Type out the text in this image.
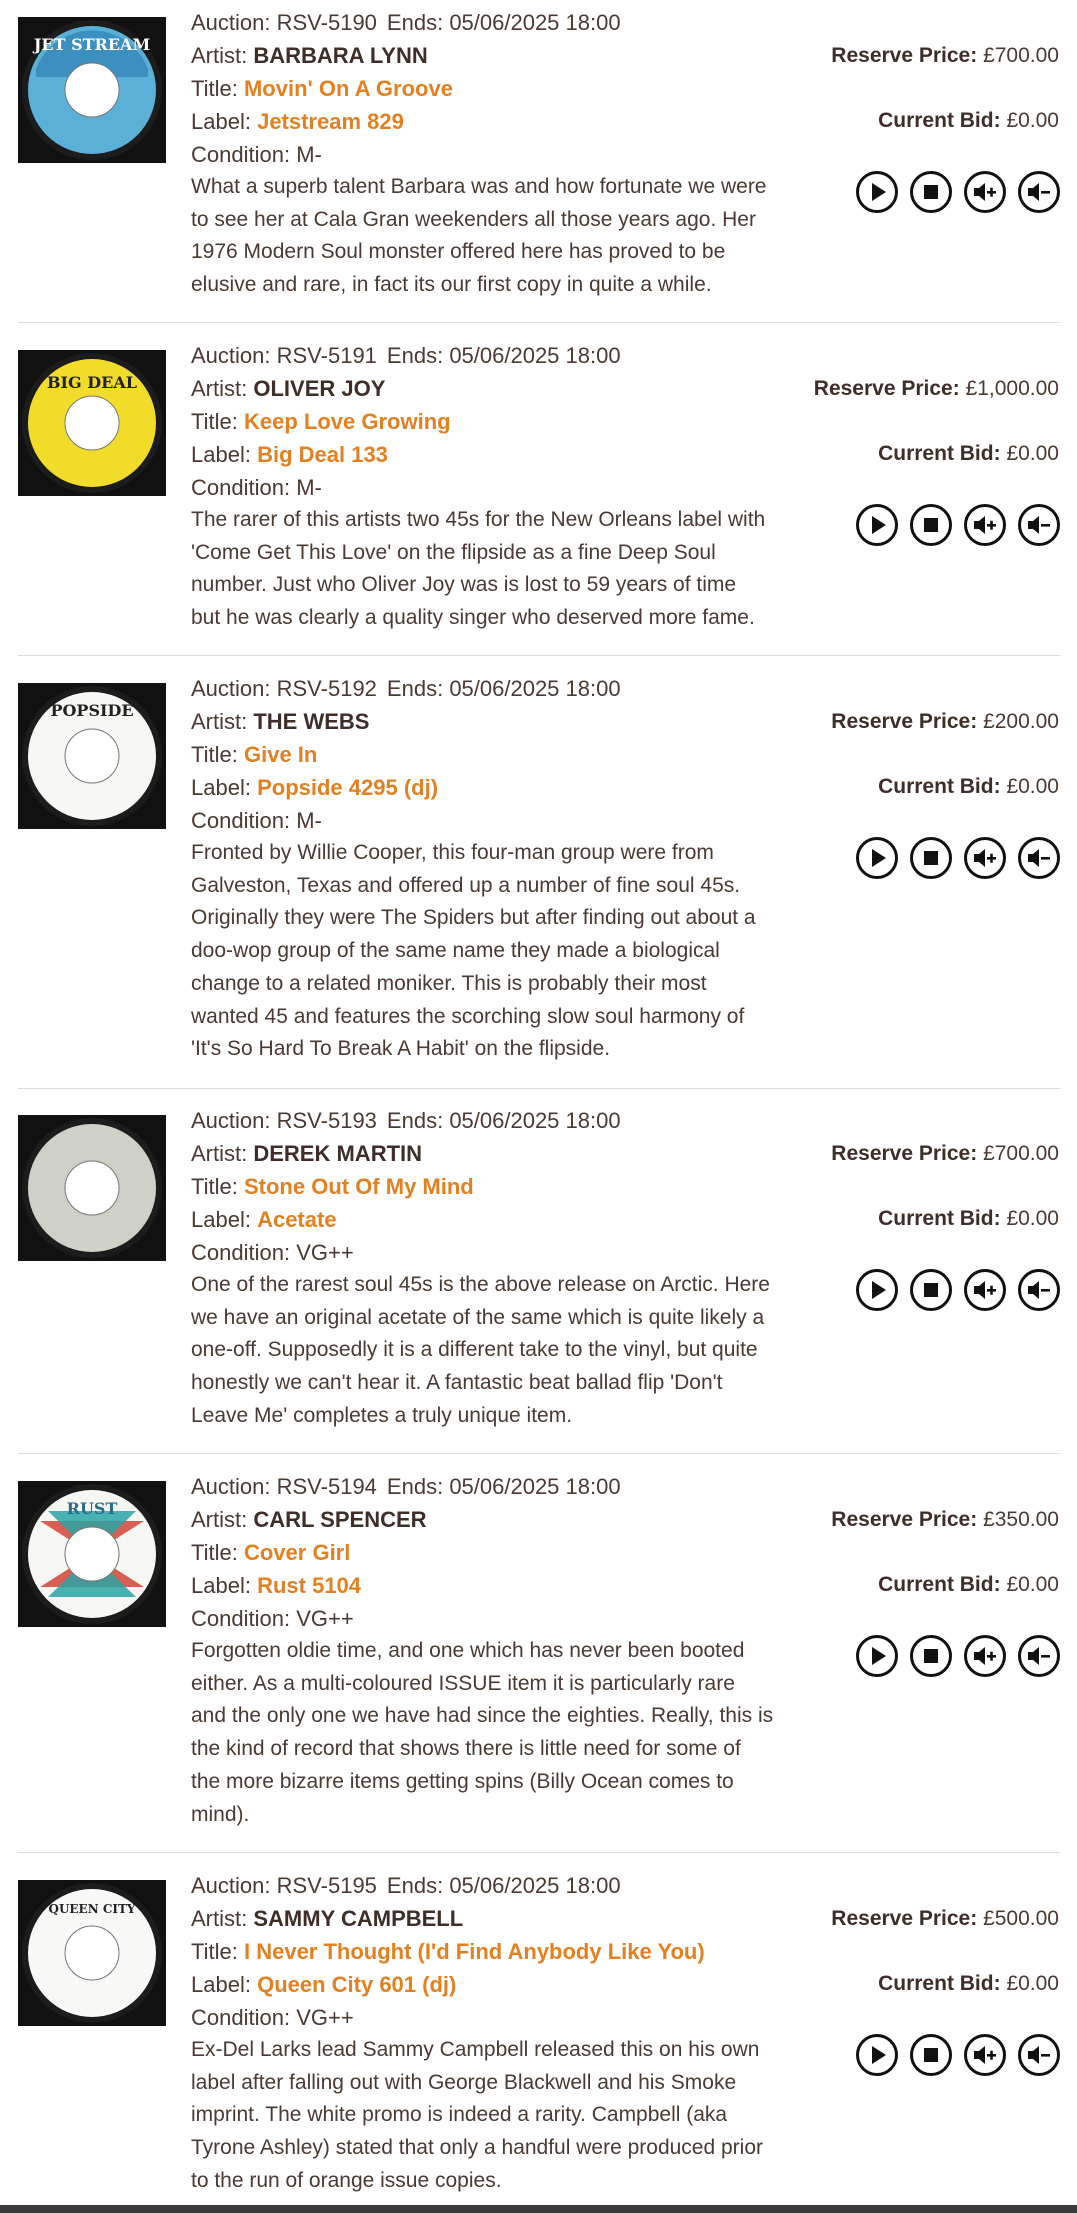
JET STREAM
Auction: RSV-5190 Ends: 05/06/2025 18:00
Artist: BARBARA LYNN
Title: Movin' On A Groove
Label: Jetstream 829
Condition: M-
What a superb talent Barbara was and how fortunate we were
to see her at Cala Gran weekenders all those years ago. Her
1976 Modern Soul monster offered here has proved to be
elusive and rare, in fact its our first copy in quite a while.
Reserve Price: £700.00
Current Bid: £0.00
BIG DEAL
Auction: RSV-5191 Ends: 05/06/2025 18:00
Artist: OLIVER JOY
Title: Keep Love Growing
Label: Big Deal 133
Condition: M-
The rarer of this artists two 45s for the New Orleans label with
'Come Get This Love' on the flipside as a fine Deep Soul
number. Just who Oliver Joy was is lost to 59 years of time
but he was clearly a quality singer who deserved more fame.
Reserve Price: £1,000.00
Current Bid: £0.00
POPSIDE
Auction: RSV-5192 Ends: 05/06/2025 18:00
Artist: THE WEBS
Title: Give In
Label: Popside 4295 (dj)
Condition: M-
Fronted by Willie Cooper, this four-man group were from
Galveston, Texas and offered up a number of fine soul 45s.
Originally they were The Spiders but after finding out about a
doo-wop group of the same name they made a biological
change to a related moniker. This is probably their most
wanted 45 and features the scorching slow soul harmony of
'It's So Hard To Break A Habit' on the flipside.
Reserve Price: £200.00
Current Bid: £0.00
Auction: RSV-5193 Ends: 05/06/2025 18:00
Artist: DEREK MARTIN
Title: Stone Out Of My Mind
Label: Acetate
Condition: VG++
One of the rarest soul 45s is the above release on Arctic. Here
we have an original acetate of the same which is quite likely a
one-off. Supposedly it is a different take to the vinyl, but quite
honestly we can't hear it. A fantastic beat ballad flip 'Don't
Leave Me' completes a truly unique item.
Reserve Price: £700.00
Current Bid: £0.00
RUST
Auction: RSV-5194 Ends: 05/06/2025 18:00
Artist: CARL SPENCER
Title: Cover Girl
Label: Rust 5104
Condition: VG++
Forgotten oldie time, and one which has never been booted
either. As a multi-coloured ISSUE item it is particularly rare
and the only one we have had since the eighties. Really, this is
the kind of record that shows there is little need for some of
the more bizarre items getting spins (Billy Ocean comes to
mind).
Reserve Price: £350.00
Current Bid: £0.00
QUEEN CITY
Auction: RSV-5195 Ends: 05/06/2025 18:00
Artist: SAMMY CAMPBELL
Title: I Never Thought (I'd Find Anybody Like You)
Label: Queen City 601 (dj)
Condition: VG++
Ex-Del Larks lead Sammy Campbell released this on his own
label after falling out with George Blackwell and his Smoke
imprint. The white promo is indeed a rarity. Campbell (aka
Tyrone Ashley) stated that only a handful were produced prior
to the run of orange issue copies.
Reserve Price: £500.00
Current Bid: £0.00
